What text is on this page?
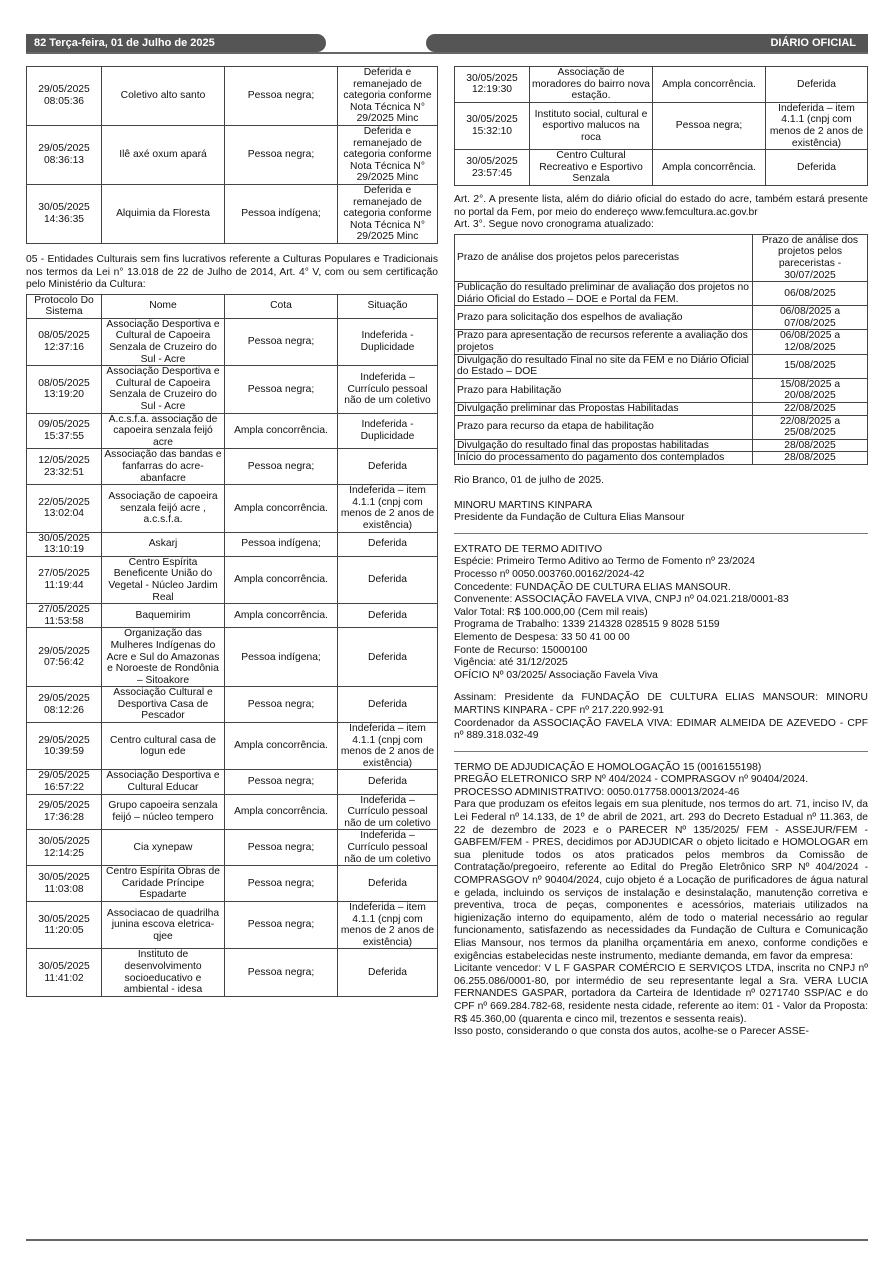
82 Terça-feira, 01 de Julho de 2025	DIÁRIO OFICIAL
29/05/2025
08:05:36	Coletivo alto santo	Pessoa negra;	Deferida e remanejado de categoria conforme Nota Técnica N° 29/2025 Minc
29/05/2025
08:36:13	Ilê axé oxum apará	Pessoa negra;	Deferida e remanejado de categoria conforme Nota Técnica N° 29/2025 Minc
30/05/2025
14:36:35	Alquimia da Floresta	Pessoa indígena;	Deferida e remanejado de categoria conforme Nota Técnica N° 29/2025 Minc

05 - Entidades Culturais sem fins lucrativos referente a Culturas Populares e Tradicionais nos termos da Lei n° 13.018 de 22 de Julho de 2014, Art. 4° V, com ou sem certificação pelo Ministério da Cultura:

Protocolo Do Sistema	Nome	Cota	Situação
08/05/2025
12:37:16	Associação Desportiva e Cultural de Capoeira Senzala de Cruzeiro do Sul - Acre	Pessoa negra;	Indeferida - Duplicidade
08/05/2025
13:19:20	Associação Desportiva e Cultural de Capoeira Senzala de Cruzeiro do Sul - Acre	Pessoa negra;	Indeferida – Currículo pessoal não de um coletivo
09/05/2025
15:37:55	A.c.s.f.a. associação de capoeira senzala feijó acre	Ampla concorrência.	Indeferida - Duplicidade
12/05/2025
23:32:51	Associação das bandas e fanfarras do acre- abanfacre	Pessoa negra;	Deferida
22/05/2025
13:02:04	Associação de capoeira senzala feijó acre , a.c.s.f.a.	Ampla concorrência.	Indeferida – item 4.1.1 (cnpj com menos de 2 anos de existência)
30/05/2025
13:10:19	Askarj	Pessoa indígena;	Deferida
27/05/2025
11:19:44	Centro Espírita Beneficente União do Vegetal - Núcleo Jardim Real	Ampla concorrência.	Deferida
27/05/2025
11:53:58	Baquemirim	Ampla concorrência.	Deferida
29/05/2025
07:56:42	Organização das Mulheres Indígenas do Acre e Sul do Amazonas e Noroeste de Rondônia – Sitoakore	Pessoa indígena;	Deferida
29/05/2025
08:12:26	Associação Cultural e Desportiva Casa de Pescador	Pessoa negra;	Deferida
29/05/2025
10:39:59	Centro cultural casa de logun ede	Ampla concorrência.	Indeferida – item 4.1.1 (cnpj com menos de 2 anos de existência)
29/05/2025
16:57:22	Associação Desportiva e Cultural Educar	Pessoa negra;	Deferida
29/05/2025
17:36:28	Grupo capoeira senzala feijó – núcleo tempero	Ampla concorrência.	Indeferida – Currículo pessoal não de um coletivo
30/05/2025
12:14:25	Cia xynepaw	Pessoa negra;	Indeferida – Currículo pessoal não de um coletivo
30/05/2025
11:03:08	Centro Espírita Obras de Caridade Príncipe Espadarte	Pessoa negra;	Deferida
30/05/2025
11:20:05	Associacao de quadrilha junina escova eletrica-qjee	Pessoa negra;	Indeferida – item 4.1.1 (cnpj com menos de 2 anos de existência)
30/05/2025
11:41:02	Instituto de desenvolvimento socioeducativo e ambiental - idesa	Pessoa negra;	Deferida
30/05/2025
12:19:30	Associação de moradores do bairro nova estação.	Ampla concorrência.	Deferida
30/05/2025
15:32:10	Instituto social, cultural e esportivo malucos na roca	Pessoa negra;	Indeferida – item 4.1.1 (cnpj com menos de 2 anos de existência)
30/05/2025
23:57:45	Centro Cultural Recreativo e Esportivo Senzala	Ampla concorrência.	Deferida

Art. 2°. A presente lista, além do diário oficial do estado do acre, também estará presente no portal da Fem, por meio do endereço www.femcultura.ac.gov.br

Art. 3°. Segue novo cronograma atualizado:

Prazo de análise dos projetos pelos pareceristas	Prazo de análise dos projetos pelos pareceristas - 30/07/2025
Publicação do resultado preliminar de avaliação dos projetos no Diário Oficial do Estado – DOE e Portal da FEM.	06/08/2025
Prazo para solicitação dos espelhos de avaliação	06/08/2025 a 07/08/2025
Prazo para apresentação de recursos referente a avaliação dos projetos	06/08/2025 a 12/08/2025
Divulgação do resultado Final no site da FEM e no Diário Oficial do Estado – DOE	15/08/2025
Prazo para Habilitação	15/08/2025 a 20/08/2025
Divulgação preliminar das Propostas Habilitadas	22/08/2025
Prazo para recurso da etapa de habilitação	22/08/2025 a 25/08/2025
Divulgação do resultado final das propostas habilitadas	28/08/2025
Início do processamento do pagamento dos contemplados	28/08/2025

Rio Branco, 01 de julho de 2025.

MINORU MARTINS KINPARA

Presidente da Fundação de Cultura Elias Mansour

EXTRATO DE TERMO ADITIVO

Espécie: Primeiro Termo Aditivo ao Termo de Fomento nº 23/2024

Processo nº 0050.003760.00162/2024-42

Concedente: FUNDAÇÃO DE CULTURA ELIAS MANSOUR.

Convenente: ASSOCIAÇÃO FAVELA VIVA, CNPJ nº 04.021.218/0001-83

Valor Total: R$ 100.000,00 (Cem mil reais)

Programa de Trabalho: 1339 214328 028515 9 8028 5159

Elemento de Despesa: 33 50 41 00 00

Fonte de Recurso: 15000100

Vigência: até 31/12/2025

OFÍCIO Nº 03/2025/ Associação Favela Viva

Assinam: Presidente da FUNDAÇÃO DE CULTURA ELIAS MANSOUR: MINORU MARTINS KINPARA - CPF nº 217.220.992-91

Coordenador da ASSOCIAÇÃO FAVELA VIVA: EDIMAR ALMEIDA DE AZEVEDO - CPF nº 889.318.032-49

TERMO DE ADJUDICAÇÃO E HOMOLOGAÇÃO 15 (0016155198)

PREGÃO ELETRONICO SRP Nº 404/2024 - COMPRASGOV nº 90404/2024.

PROCESSO ADMINISTRATIVO: 0050.017758.00013/2024-46

Para que produzam os efeitos legais em sua plenitude, nos termos do art. 71, inciso IV, da Lei Federal nº 14.133, de 1º de abril de 2021, art. 293 do Decreto Estadual nº 11.363, de 22 de dezembro de 2023 e o PARECER Nº 135/2025/ FEM - ASSEJUR/FEM - GABFEM/FEM - PRES, decidimos por ADJUDICAR o objeto licitado e HOMOLOGAR em sua plenitude todos os atos praticados pelos membros da Comissão de Contratação/pregoeiro, referente ao Edital do Pregão Eletrônico SRP Nº 404/2024 - COMPRASGOV nº 90404/2024, cujo objeto é a Locação de purificadores de água natural e gelada, incluindo os serviços de instalação e desinstalação, manutenção corretiva e preventiva, troca de peças, componentes e acessórios, materiais utilizados na higienização interno do equipamento, além de todo o material necessário ao regular funcionamento, satisfazendo as necessidades da Fundação de Cultura e Comunicação Elias Mansour, nos termos da planilha orçamentária em anexo, conforme condições e exigências estabelecidas neste instrumento, mediante demanda, em favor da empresa:

Licitante vencedor: V L F GASPAR COMÉRCIO E SERVIÇOS LTDA, inscrita no CNPJ nº 06.255.086/0001-80, por intermédio de seu representante legal a Sra. VERA LUCIA FERNANDES GASPAR, portadora da Carteira de Identidade nº 0271740 SSP/AC e do CPF nº 669.284.782-68, residente nesta cidade, referente ao item: 01 - Valor da Proposta: R$ 45.360,00 (quarenta e cinco mil, trezentos e sessenta reais).

Isso posto, considerando o que consta dos autos, acolhe-se o Parecer ASSE-
